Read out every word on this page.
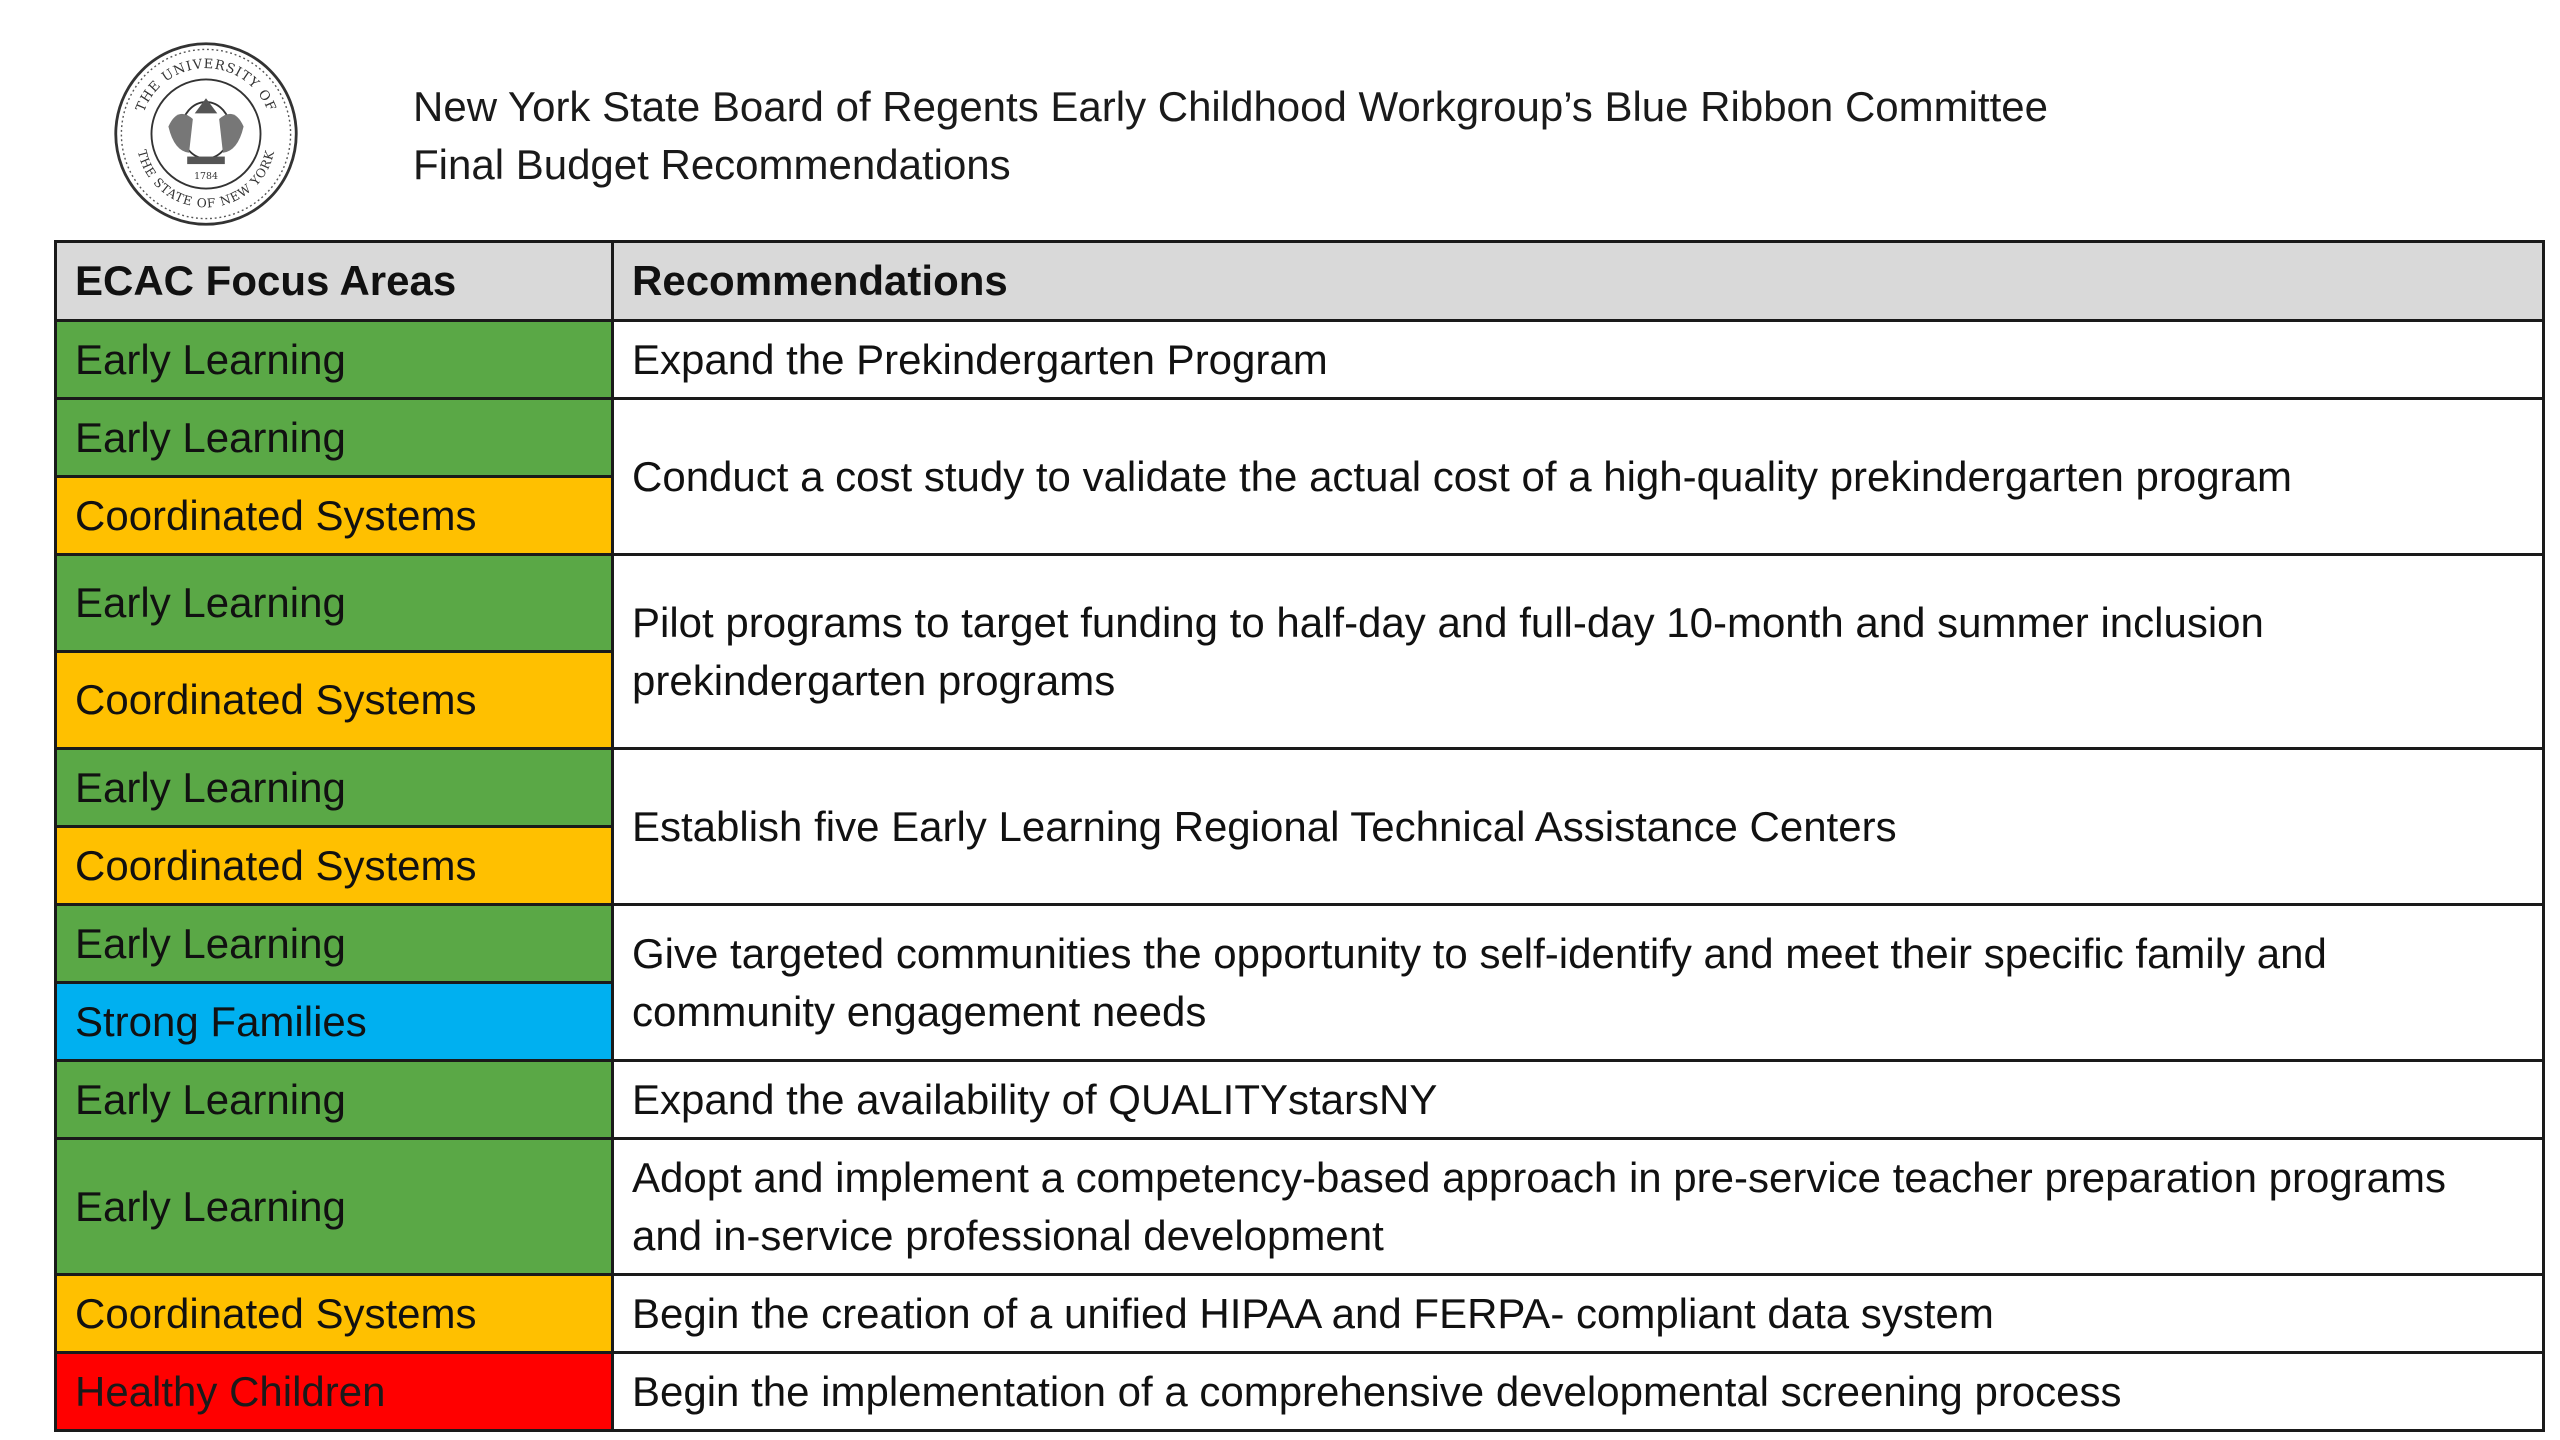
THE UNIVERSITY OF
THE STATE OF NEW YORK
1784
New York State Board of Regents Early Childhood Workgroup’s Blue Ribbon Committee
Final Budget Recommendations
ECAC Focus Areas	Recommendations
Early Learning	Expand the Prekindergarten Program
Early Learning	Conduct a cost study to validate the actual cost of a high-quality prekindergarten program
Coordinated Systems	
Early Learning	Pilot programs to target funding to half-day and full-day 10-month and summer inclusion prekindergarten programs
Coordinated Systems	
Early Learning	Establish five Early Learning Regional Technical Assistance Centers
Coordinated Systems	
Early Learning	Give targeted communities the opportunity to self-identify and meet their specific family and community engagement needs
Strong Families	
Early Learning	Expand the availability of QUALITYstarsNY
Early Learning	Adopt and implement a competency-based approach in pre-service teacher preparation programs and in-service professional development
Coordinated Systems	Begin the creation of a unified HIPAA and FERPA- compliant data system
Healthy Children	Begin the implementation of a comprehensive developmental screening process
